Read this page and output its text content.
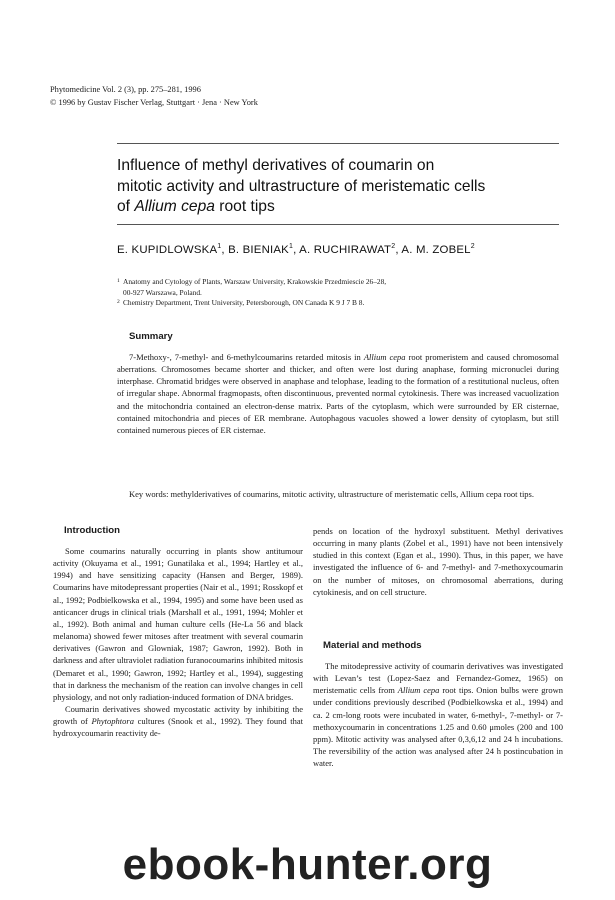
Phytomedicine Vol. 2 (3), pp. 275–281, 1996
© 1996 by Gustav Fischer Verlag, Stuttgart · Jena · New York
Influence of methyl derivatives of coumarin on
mitotic activity and ultrastructure of meristematic cells
of Allium cepa root tips
E. KUPIDLOWSKA$^1$, B. BIENIAK$^1$, A. RUCHIRAWAT$^2$, A. M. ZOBEL$^2$
1 Anatomy and Cytology of Plants, Warszaw University, Krakowskie Przedmiescie 26–28,
00-927 Warszawa, Poland.
2 Chemistry Department, Trent University, Petersborough, ON Canada K 9 J 7 B 8.
Summary

7-Methoxy-, 7-methyl- and 6-methylcoumarins retarded mitosis in Allium cepa root promeristem and caused chromosomal aberrations. Chromosomes became shorter and thicker, and often were lost during anaphase, forming micronuclei during interphase. Chromatid bridges were observed in anaphase and telophase, leading to the formation of a restitutional nucleus, often of irregular shape. Abnormal fragmopasts, often discontinuous, prevented normal cytokinesis. There was increased vacuolization and the mitochondria contained an electron-dense matrix. Parts of the cytoplasm, which were surrounded by ER cisternae, contained mitochondria and pieces of ER membrane. Autophagous vacuoles showed a lower density of cytoplasm, but still contained numerous pieces of ER cisternae.

Key words: methylderivatives of coumarins, mitotic activity, ultrastructure of meristematic cells, Allium cepa root tips.

Introduction

Some coumarins naturally occurring in plants show antitumour activity (Okuyama et al., 1991; Gunatilaka et al., 1994; Hartley et al., 1994) and have sensitizing capacity (Hansen and Berger, 1989). Coumarins have mitodepressant properties (Nair et al., 1991; Rosskopf et al., 1992; Podbielkowska et al., 1994, 1995) and some have been used as anticancer drugs in clinical trials (Marshall et al., 1991, 1994; Mohler et al., 1992). Both animal and human culture cells (He-La 56 and black melanoma) showed fewer mitoses after treatment with several coumarin derivatives (Gawron and Glowniak, 1987; Gawron, 1992). Both in darkness and after ultraviolet radiation furanocoumarins inhibited mitosis (Demaret et al., 1990; Gawron, 1992; Hartley et al., 1994), suggesting that in darkness the mechanism of the reation can involve changes in cell physiology, and not only radiation-induced formation of DNA bridges.

Coumarin derivatives showed mycostatic activity by inhibiting the growth of Phytophtora cultures (Snook et al., 1992). They found that hydroxycoumarin reactivity de-

Material and methods

The mitodepressive activity of coumarin derivatives was investigated with Levan’s test (Lopez-Saez and Fernandez-Gomez, 1965) on meristematic cells from Allium cepa root tips. Onion bulbs were grown under conditions previously described (Podbielkowska et al., 1994) and ca. 2 cm-long roots were incubated in water, 6-methyl-, 7-methyl- or 7-methoxycoumarin in concentrations 1.25 and 0.60 μmoles (200 and 100 ppm). Mitotic activity was analysed after 0,3,6,12 and 24 h incubations. The reversibility of the action was analysed after 24 h postincubation in water.

ebook-hunter.org
pends on location of the hydroxyl substituent. Methyl derivatives occurring in many plants (Zobel et al., 1991) have not been intensively studied in this context (Egan et al., 1990). Thus, in this paper, we have investigated the influence of 6- and 7-methyl- and 7-methoxycoumarin on the number of mitoses, on chromosomal aberrations, during cytokinesis, and on cell structure.
